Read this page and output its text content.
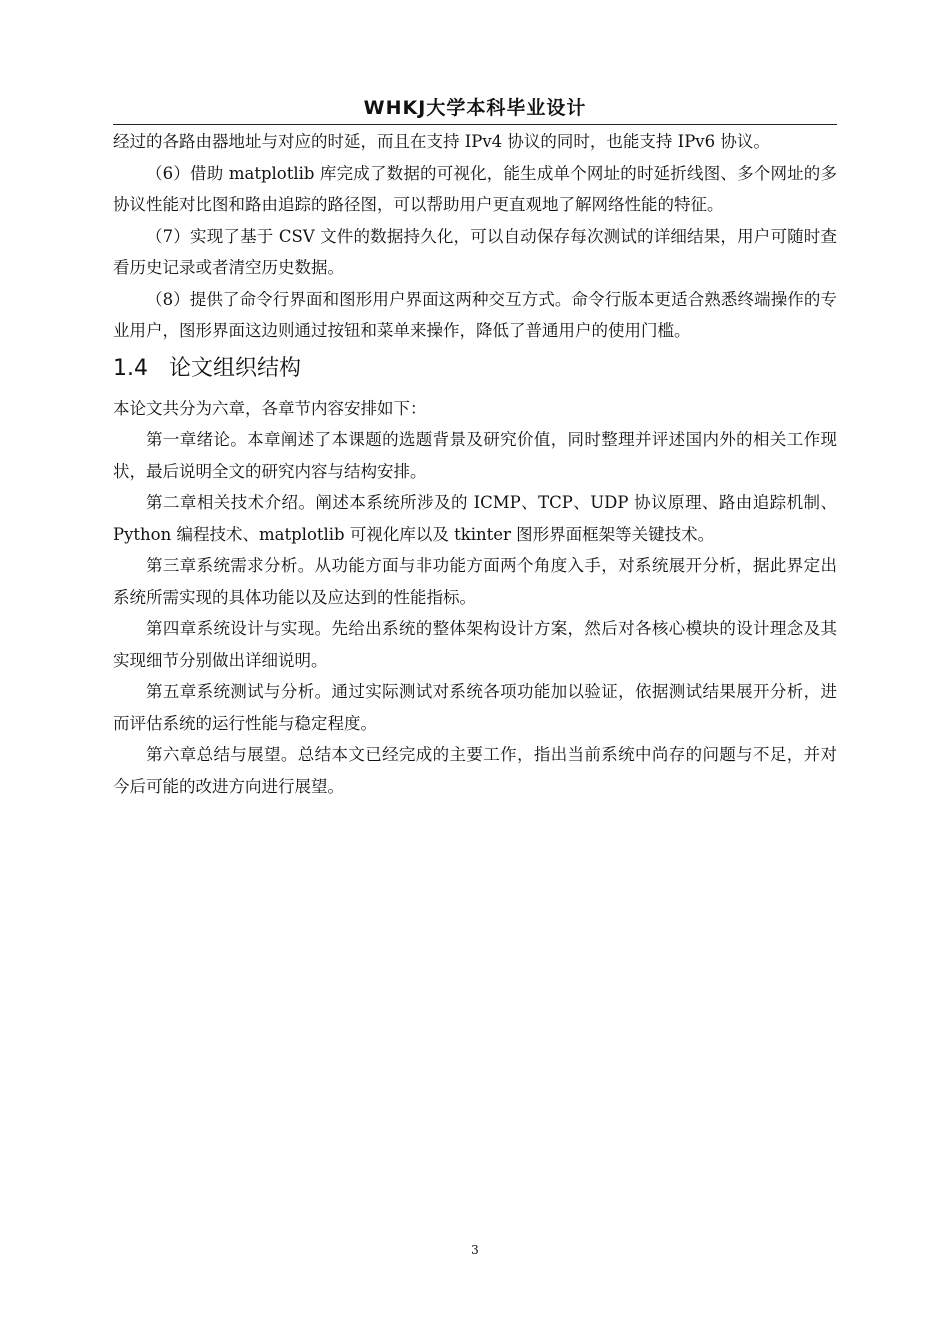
WHKJ大学本科毕业设计

经过的各路由器地址与对应的时延，而且在支持 IPv4 协议的同时，也能支持 IPv6 协议。

（6）借助 matplotlib 库完成了数据的可视化，能生成单个网址的时延折线图、多个网址的多协议性能对比图和路由追踪的路径图，可以帮助用户更直观地了解网络性能的特征。

（7）实现了基于 CSV 文件的数据持久化，可以自动保存每次测试的详细结果，用户可随时查看历史记录或者清空历史数据。

（8）提供了命令行界面和图形用户界面这两种交互方式。命令行版本更适合熟悉终端操作的专业用户，图形界面这边则通过按钮和菜单来操作，降低了普通用户的使用门槛。

1.4 论文组织结构

本论文共分为六章，各章节内容安排如下：

第一章绪论。本章阐述了本课题的选题背景及研究价值，同时整理并评述国内外的相关工作现状，最后说明全文的研究内容与结构安排。

第二章相关技术介绍。阐述本系统所涉及的 ICMP、TCP、UDP 协议原理、路由追踪机制、Python 编程技术、matplotlib 可视化库以及 tkinter 图形界面框架等关键技术。

第三章系统需求分析。从功能方面与非功能方面两个角度入手，对系统展开分析，据此界定出系统所需实现的具体功能以及应达到的性能指标。

第四章系统设计与实现。先给出系统的整体架构设计方案，然后对各核心模块的设计理念及其实现细节分别做出详细说明。

第五章系统测试与分析。通过实际测试对系统各项功能加以验证，依据测试结果展开分析，进而评估系统的运行性能与稳定程度。

第六章总结与展望。总结本文已经完成的主要工作，指出当前系统中尚存的问题与不足，并对今后可能的改进方向进行展望。

3
